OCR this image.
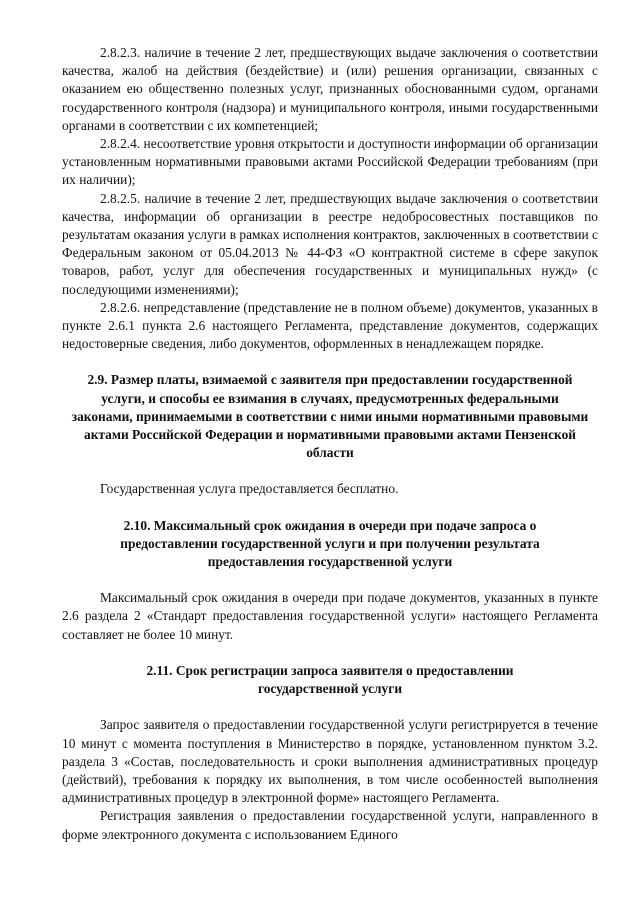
2.8.2.3. наличие в течение 2 лет, предшествующих выдаче заключения о соответствии качества, жалоб на действия (бездействие) и (или) решения организации, связанных с оказанием ею общественно полезных услуг, признанных обоснованными судом, органами государственного контроля (надзора) и муниципального контроля, иными государственными органами в соответствии с их компетенцией;

2.8.2.4. несоответствие уровня открытости и доступности информации об организации установленным нормативными правовыми актами Российской Федерации требованиям (при их наличии);

2.8.2.5. наличие в течение 2 лет, предшествующих выдаче заключения о соответствии качества, информации об организации в реестре недобросовестных поставщиков по результатам оказания услуги в рамках исполнения контрактов, заключенных в соответствии с Федеральным законом от 05.04.2013 № 44-ФЗ «О контрактной системе в сфере закупок товаров, работ, услуг для обеспечения государственных и муниципальных нужд» (с последующими изменениями);

2.8.2.6. непредставление (представление не в полном объеме) документов, указанных в пункте 2.6.1 пункта 2.6 настоящего Регламента, представление документов, содержащих недостоверные сведения, либо документов, оформленных в ненадлежащем порядке.

2.9. Размер платы, взимаемой с заявителя при предоставлении государственной услуги, и способы ее взимания в случаях, предусмотренных федеральными законами, принимаемыми в соответствии с ними иными нормативными правовыми актами Российской Федерации и нормативными правовыми актами Пензенской области

Государственная услуга предоставляется бесплатно.

2.10. Максимальный срок ожидания в очереди при подаче запроса о предоставлении государственной услуги и при получении результата предоставления государственной услуги

Максимальный срок ожидания в очереди при подаче документов, указанных в пункте 2.6 раздела 2 «Стандарт предоставления государственной услуги» настоящего Регламента составляет не более 10 минут.

2.11. Срок регистрации запроса заявителя о предоставлении государственной услуги

Запрос заявителя о предоставлении государственной услуги регистрируется в течение 10 минут с момента поступления в Министерство в порядке, установленном пунктом 3.2. раздела 3 «Состав, последовательность и сроки выполнения административных процедур (действий), требования к порядку их выполнения, в том числе особенностей выполнения административных процедур в электронной форме» настоящего Регламента.

Регистрация заявления о предоставлении государственной услуги, направленного в форме электронного документа с использованием Единого
